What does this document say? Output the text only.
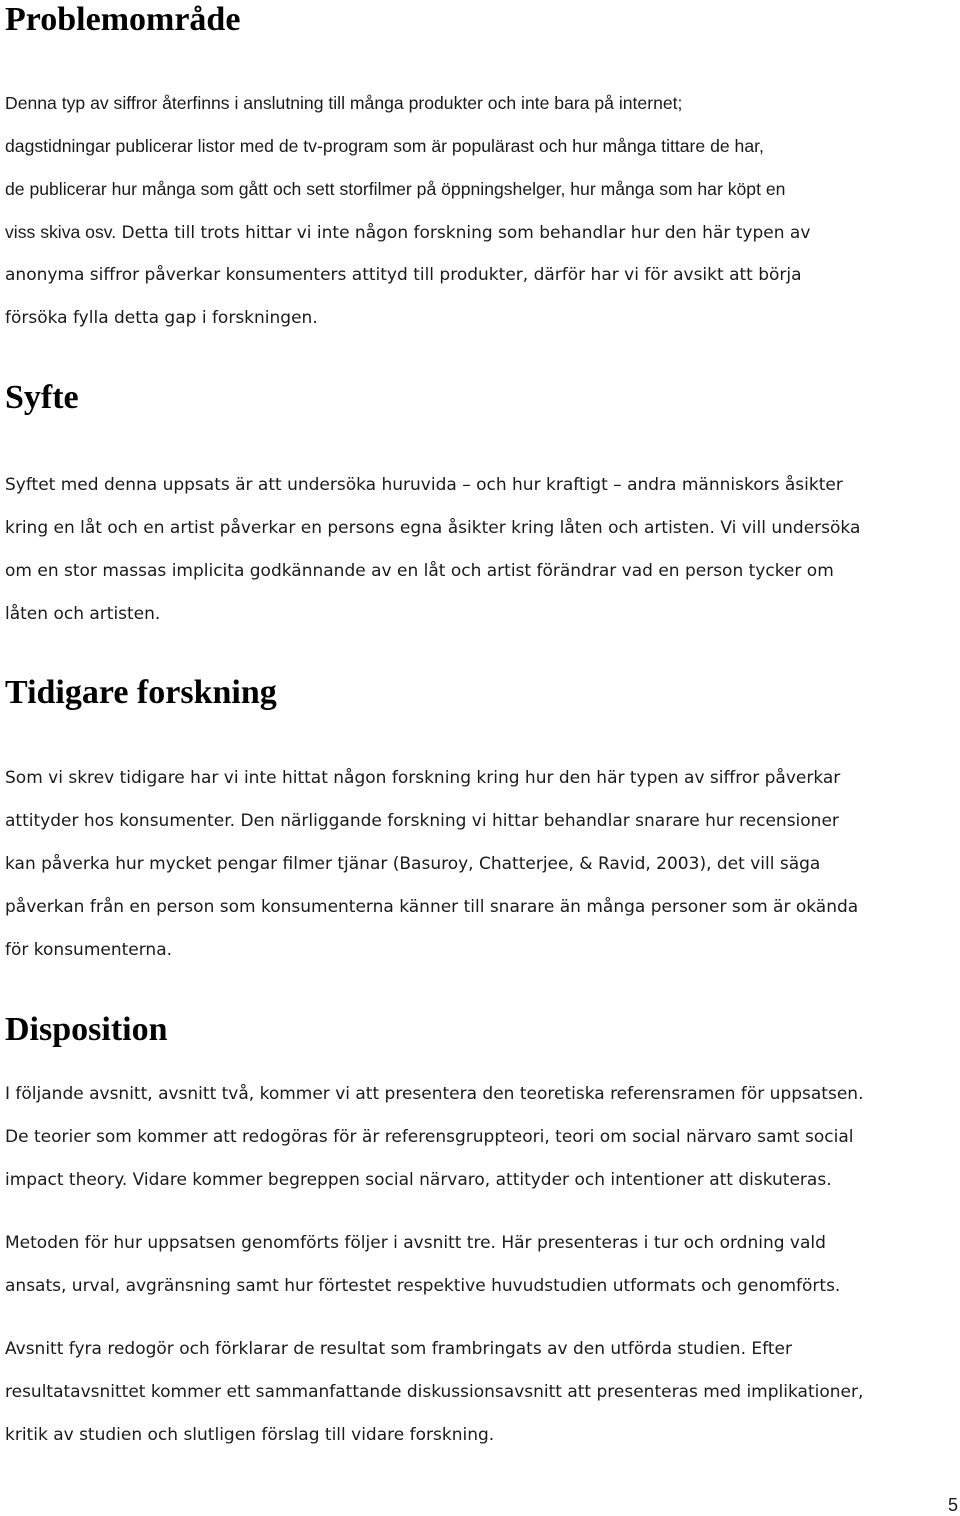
Problemområde
Denna typ av siffror återfinns i anslutning till många produkter och inte bara på internet;
dagstidningar publicerar listor med de tv-program som är populärast och hur många tittare de har,
de publicerar hur många som gått och sett storfilmer på öppningshelger, hur många som har köpt en
viss skiva osv. Detta till trots hittar vi inte någon forskning som behandlar hur den här typen av
anonyma siffror påverkar konsumenters attityd till produkter, därför har vi för avsikt att börja
försöka fylla detta gap i forskningen.
Syfte
Syftet med denna uppsats är att undersöka huruvida – och hur kraftigt – andra människors åsikter
kring en låt och en artist påverkar en persons egna åsikter kring låten och artisten. Vi vill undersöka
om en stor massas implicita godkännande av en låt och artist förändrar vad en person tycker om
låten och artisten.
Tidigare forskning
Som vi skrev tidigare har vi inte hittat någon forskning kring hur den här typen av siffror påverkar
attityder hos konsumenter. Den närliggande forskning vi hittar behandlar snarare hur recensioner
kan påverka hur mycket pengar filmer tjänar (Basuroy, Chatterjee, & Ravid, 2003), det vill säga
påverkan från en person som konsumenterna känner till snarare än många personer som är okända
för konsumenterna.
Disposition
I följande avsnitt, avsnitt två, kommer vi att presentera den teoretiska referensramen för uppsatsen.
De teorier som kommer att redogöras för är referensgruppteori, teori om social närvaro samt social
impact theory. Vidare kommer begreppen social närvaro, attityder och intentioner att diskuteras.
Metoden för hur uppsatsen genomförts följer i avsnitt tre. Här presenteras i tur och ordning vald
ansats, urval, avgränsning samt hur förtestet respektive huvudstudien utformats och genomförts.
Avsnitt fyra redogör och förklarar de resultat som frambringats av den utförda studien. Efter
resultatavsnittet kommer ett sammanfattande diskussionsavsnitt att presenteras med implikationer,
kritik av studien och slutligen förslag till vidare forskning.
5
